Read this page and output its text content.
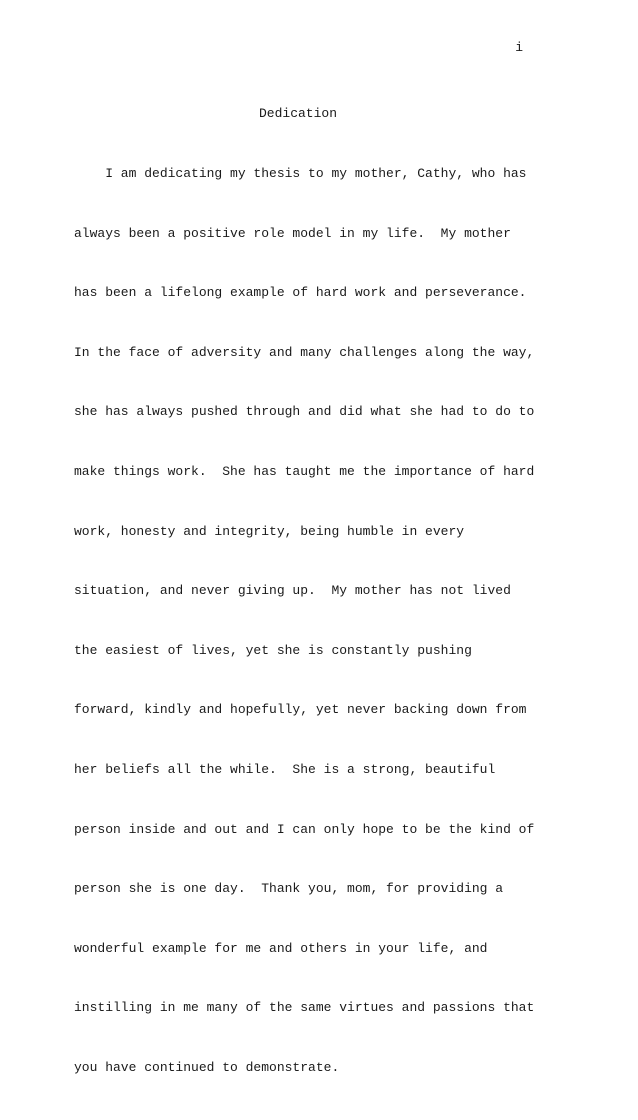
i
Dedication

I am dedicating my thesis to my mother, Cathy, who has

always been a positive role model in my life.  My mother

has been a lifelong example of hard work and perseverance.

In the face of adversity and many challenges along the way,

she has always pushed through and did what she had to do to

make things work.  She has taught me the importance of hard

work, honesty and integrity, being humble in every

situation, and never giving up.  My mother has not lived

the easiest of lives, yet she is constantly pushing

forward, kindly and hopefully, yet never backing down from

her beliefs all the while.  She is a strong, beautiful

person inside and out and I can only hope to be the kind of

person she is one day.  Thank you, mom, for providing a

wonderful example for me and others in your life, and

instilling in me many of the same virtues and passions that

you have continued to demonstrate.
